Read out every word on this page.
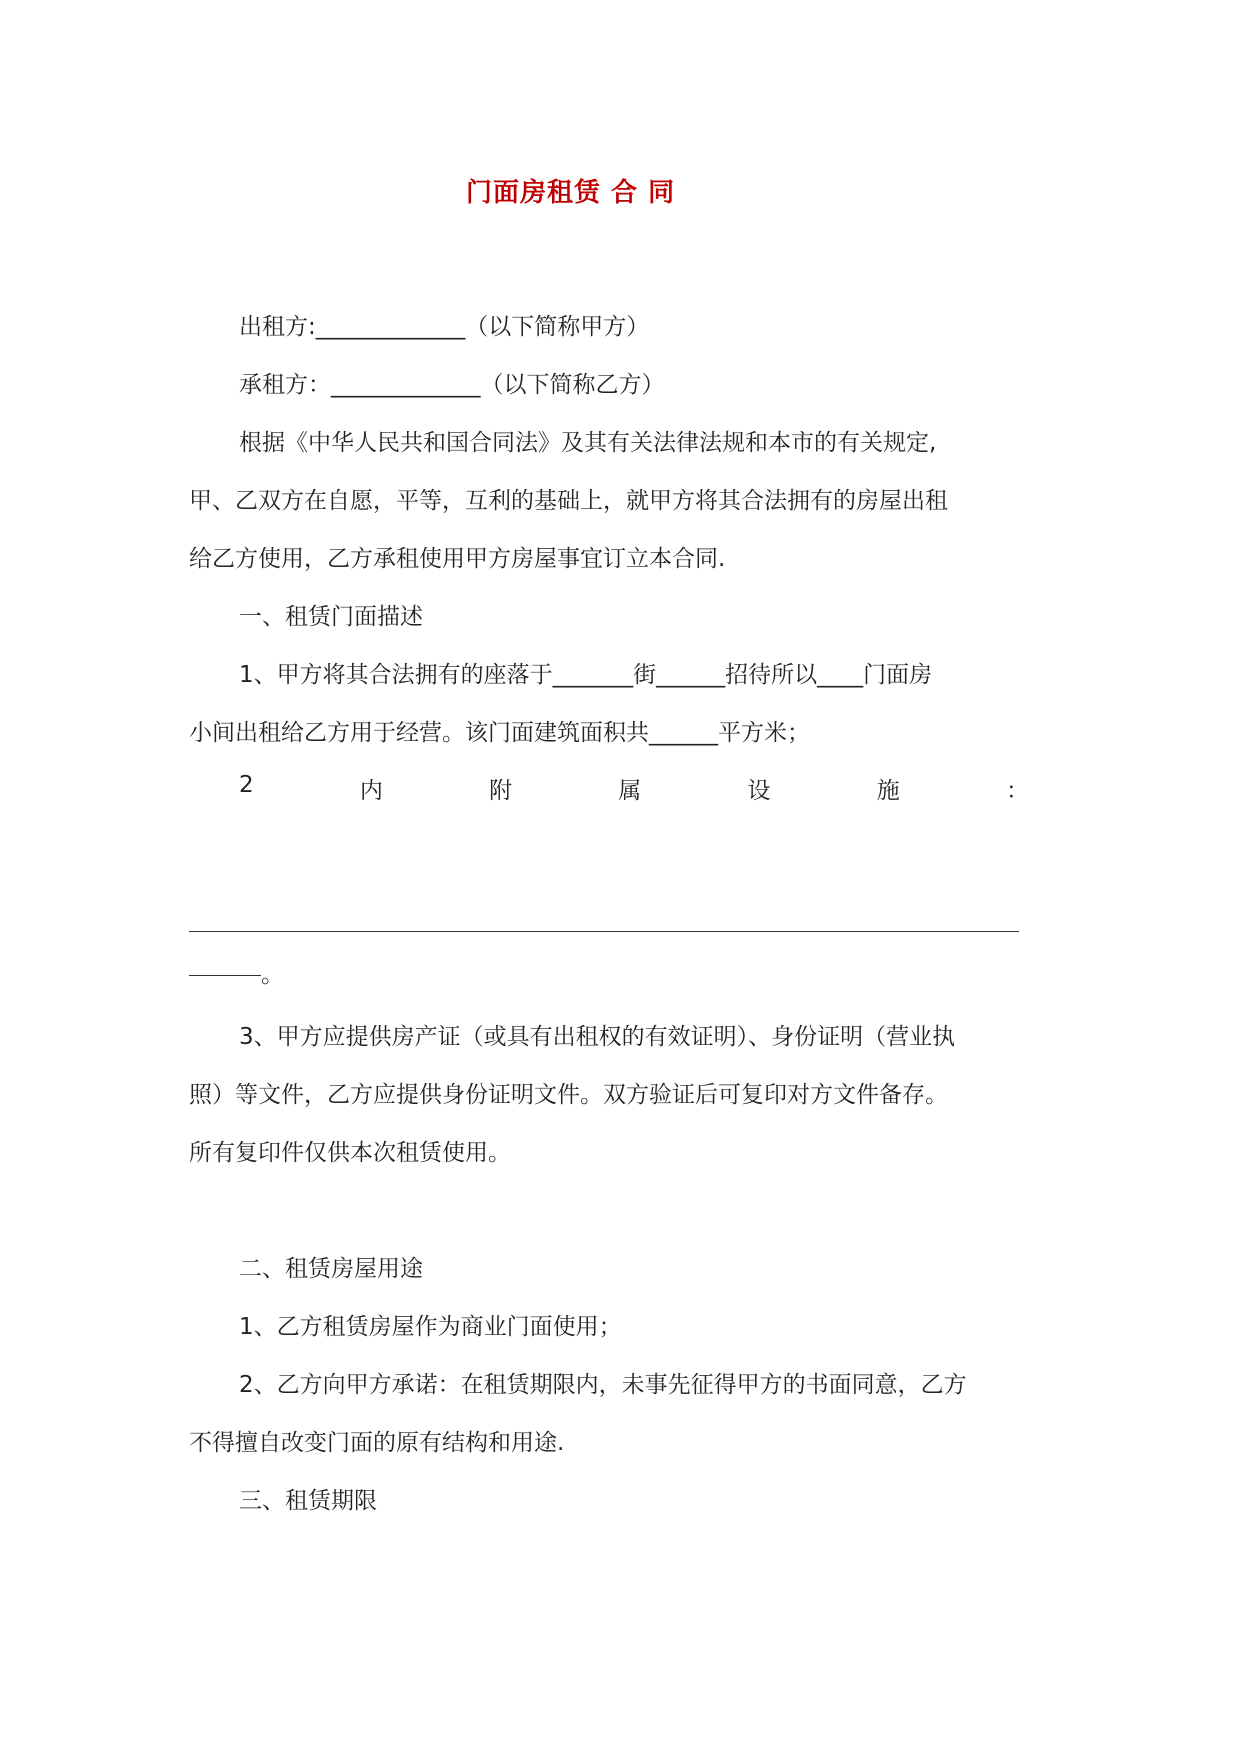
门面房租赁 合 同
出租方:_____________（以下简称甲方）
承租方：_____________（以下简称乙方）
根据《中华人民共和国合同法》及其有关法律法规和本市的有关规定,
甲、乙双方在自愿，平等，互利的基础上，就甲方将其合法拥有的房屋出租
给乙方使用，乙方承租使用甲方房屋事宜订立本合同.
一、租赁门面描述
1、甲方将其合法拥有的座落于_______街______招待所以____门面房
小间出租给乙方用于经营。该门面建筑面积共______平方米；
2	内	附	属	设	施	：
。
3、甲方应提供房产证（或具有出租权的有效证明）、身份证明（营业执
照）等文件，乙方应提供身份证明文件。双方验证后可复印对方文件备存。
所有复印件仅供本次租赁使用。
二、租赁房屋用途
1、乙方租赁房屋作为商业门面使用；
2、乙方向甲方承诺：在租赁期限内，未事先征得甲方的书面同意，乙方
不得擅自改变门面的原有结构和用途.
三、租赁期限
